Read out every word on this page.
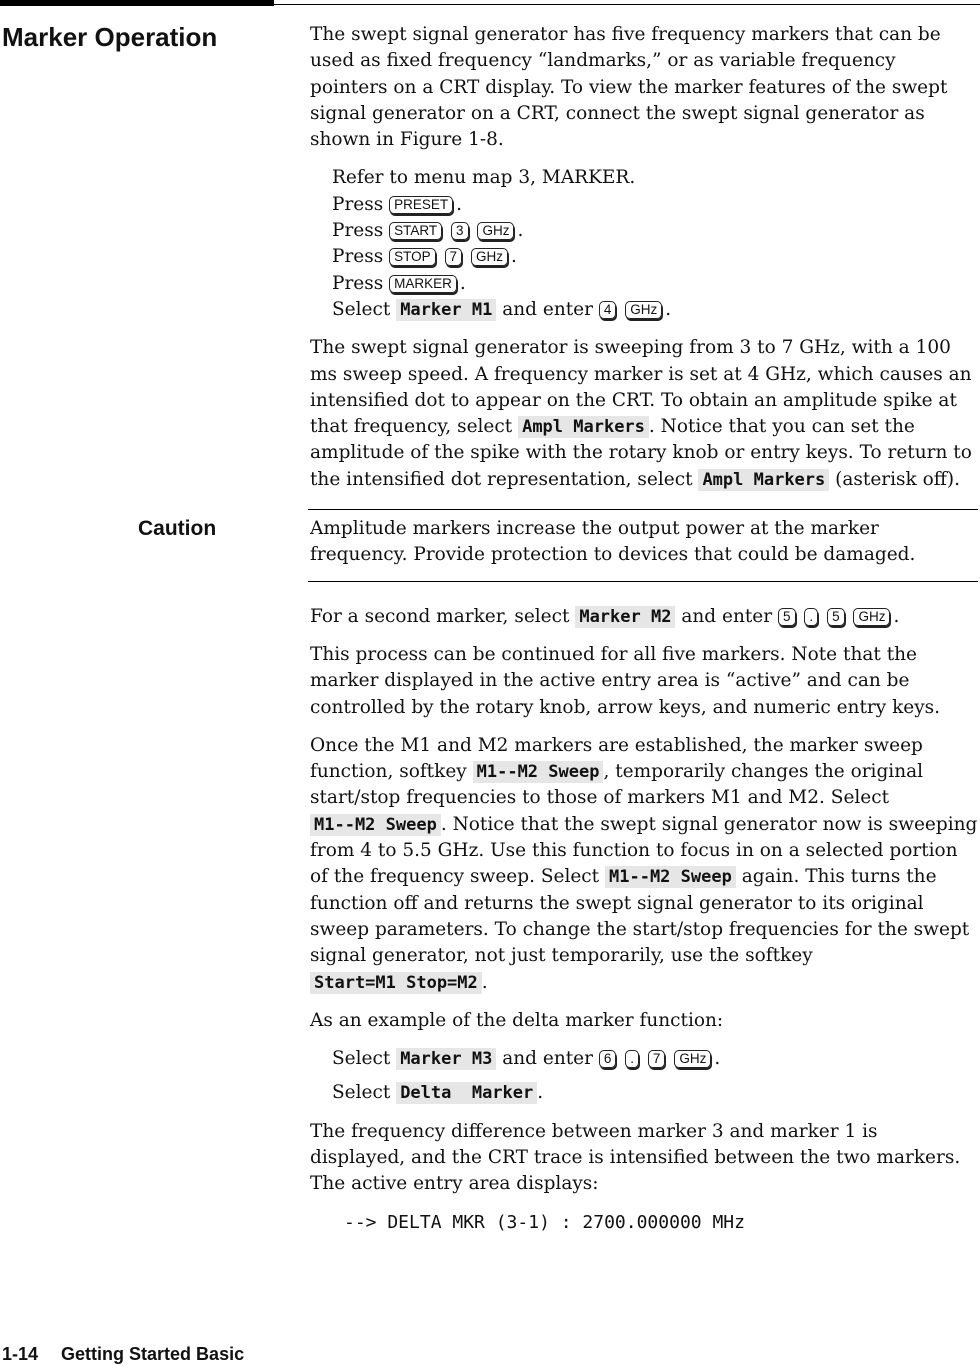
Marker Operation	The swept signal generator has five frequency markers that can be used as fixed frequency “landmarks,” or as variable frequency pointers on a CRT display. To view the marker features of the swept signal generator on a CRT, connect the swept signal generator as shown in Figure 1-8.

Refer to menu map 3, MARKER.
Press PRESET .
Press START 3 GHz .
Press STOP 7 GHz .
Press MARKER .
Select Marker M1 and enter 4 GHz .

The swept signal generator is sweeping from 3 to 7 GHz, with a 100 ms sweep speed. A frequency marker is set at 4 GHz, which causes an intensified dot to appear on the CRT. To obtain an amplitude spike at that frequency, select Ampl Markers . Notice that you can set the amplitude of the spike with the rotary knob or entry keys. To return to the intensified dot representation, select Ampl Markers (asterisk off).

Caution	Amplitude markers increase the output power at the marker frequency. Provide protection to devices that could be damaged.

For a second marker, select Marker M2 and enter 5 . 5 GHz .

This process can be continued for all five markers. Note that the marker displayed in the active entry area is “active” and can be controlled by the rotary knob, arrow keys, and numeric entry keys.

Once the M1 and M2 markers are established, the marker sweep function, softkey M1--M2 Sweep , temporarily changes the original start/stop frequencies to those of markers M1 and M2. Select M1--M2 Sweep . Notice that the swept signal generator now is sweeping from 4 to 5.5 GHz. Use this function to focus in on a selected portion of the frequency sweep. Select M1--M2 Sweep again. This turns the function off and returns the swept signal generator to its original sweep parameters. To change the start/stop frequencies for the swept signal generator, not just temporarily, use the softkey Start=M1 Stop=M2 .

As an example of the delta marker function:

Select Marker M3 and enter 6 . 7 GHz .
Select Delta  Marker .

The frequency difference between marker 3 and marker 1 is displayed, and the CRT trace is intensified between the two markers. The active entry area displays:

--> DELTA MKR (3-1) : 2700.000000 MHz
1-14 Getting Started Basic
